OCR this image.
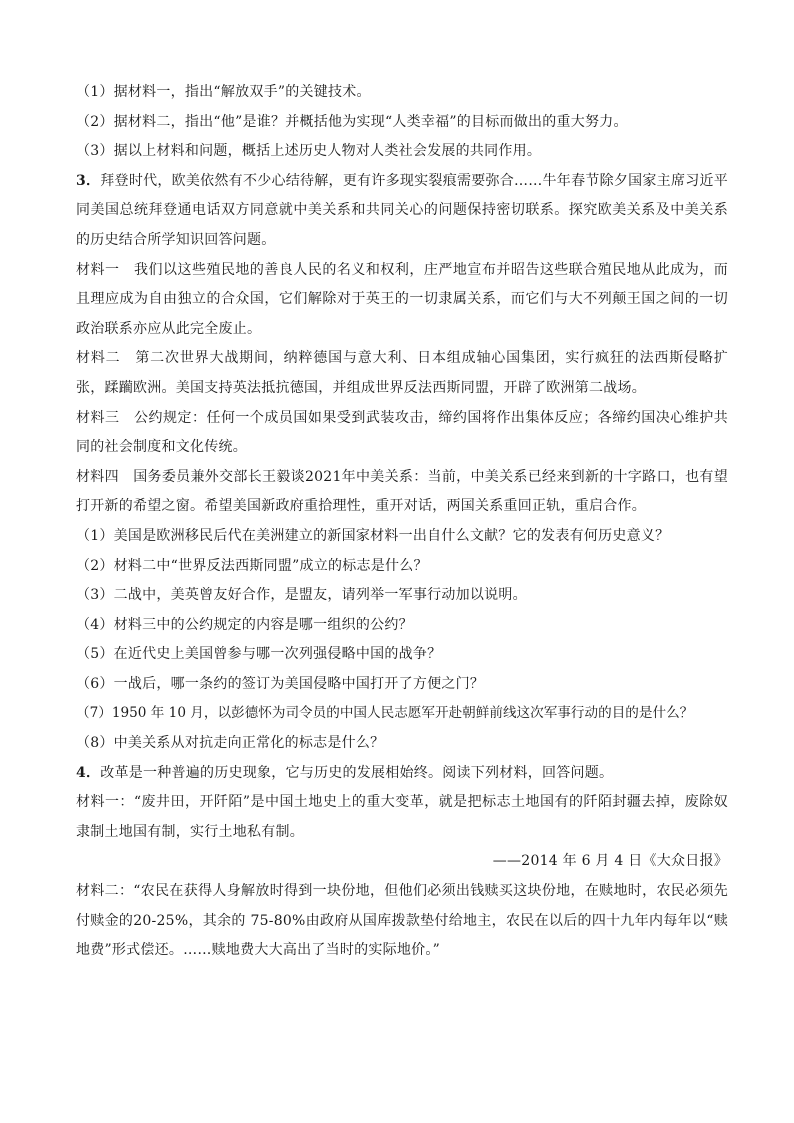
（1）据材料一，指出“解放双手”的关键技术。
（2）据材料二，指出“他”是谁？并概括他为实现“人类幸福”的目标而做出的重大努力。
（3）据以上材料和问题，概括上述历史人物对人类社会发展的共同作用。
3．拜登时代，欧美依然有不少心结待解，更有许多现实裂痕需要弥合……牛年春节除夕国家主席习近平同美国总统拜登通电话双方同意就中美关系和共同关心的问题保持密切联系。探究欧美关系及中美关系的历史结合所学知识回答问题。
材料一　我们以这些殖民地的善良人民的名义和权利，庄严地宣布并昭告这些联合殖民地从此成为，而且理应成为自由独立的合众国，它们解除对于英王的一切隶属关系，而它们与大不列颠王国之间的一切政治联系亦应从此完全废止。
材料二　第二次世界大战期间，纳粹德国与意大利、日本组成轴心国集团，实行疯狂的法西斯侵略扩张，蹂躏欧洲。美国支持英法抵抗德国，并组成世界反法西斯同盟，开辟了欧洲第二战场。
材料三　公约规定：任何一个成员国如果受到武装攻击，缔约国将作出集体反应；各缔约国决心维护共同的社会制度和文化传统。
材料四　国务委员兼外交部长王毅谈2021年中美关系：当前，中美关系已经来到新的十字路口，也有望打开新的希望之窗。希望美国新政府重拾理性，重开对话，两国关系重回正轨，重启合作。
（1）美国是欧洲移民后代在美洲建立的新国家材料一出自什么文献？它的发表有何历史意义？
（2）材料二中“世界反法西斯同盟”成立的标志是什么？
（3）二战中，美英曾友好合作，是盟友，请列举一军事行动加以说明。
（4）材料三中的公约规定的内容是哪一组织的公约？
（5）在近代史上美国曾参与哪一次列强侵略中国的战争？
（6）一战后，哪一条约的签订为美国侵略中国打开了方便之门？
（7）1950 年 10 月，以彭德怀为司令员的中国人民志愿军开赴朝鲜前线这次军事行动的目的是什么？
（8）中美关系从对抗走向正常化的标志是什么？
4．改革是一种普遍的历史现象，它与历史的发展相始终。阅读下列材料，回答问题。
材料一：“废井田，开阡陌”是中国土地史上的重大变革，就是把标志土地国有的阡陌封疆去掉，废除奴隶制土地国有制，实行土地私有制。
——2014 年 6 月 4 日《大众日报》
材料二：“农民在获得人身解放时得到一块份地，但他们必须出钱赎买这块份地，在赎地时，农民必须先付赎金的20-25%，其余的 75-80%由政府从国库拨款垫付给地主，农民在以后的四十九年内每年以“赎地费”形式偿还。……赎地费大大高出了当时的实际地价。”
